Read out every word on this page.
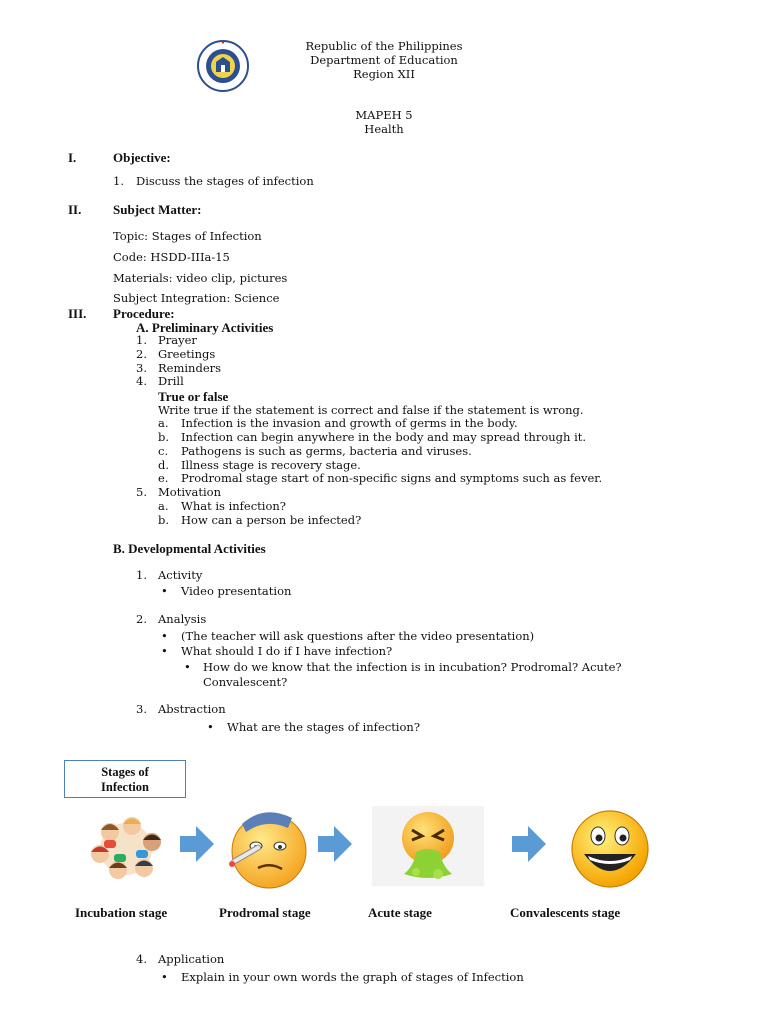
Republic of the Philippines
Department of Education
Region XII
MAPEH 5
Health
I.	Objective:
1. Discuss the stages of infection
II. Subject Matter:
Topic: Stages of Infection
Code: HSDD-IIIa-15
Materials: video clip, pictures
Subject Integration: Science
III. Procedure:
A. Preliminary Activities
1. Prayer
2. Greetings
3. Reminders
4. Drill
True or false
Write true if the statement is correct and false if the statement is wrong.
a. Infection is the invasion and growth of germs in the body.
b. Infection can begin anywhere in the body and may spread through it.
c. Pathogens is such as germs, bacteria and viruses.
d. Illness stage is recovery stage.
e. Prodromal stage start of non-specific signs and symptoms such as fever.
5. Motivation
a. What is infection?
b. How can a person be infected?
B. Developmental Activities
1. Activity
• Video presentation
2. Analysis
• (The teacher will ask questions after the video presentation)
• What should I do if I have infection?
• How do we know that the infection is in incubation? Prodromal? Acute?
Convalescent?
3. Abstraction
• What are the stages of infection?
Stages of
Infection
Incubation stage	Prodromal stage	Acute stage	Convalescents stage
4. Application
• Explain in your own words the graph of stages of Infection
